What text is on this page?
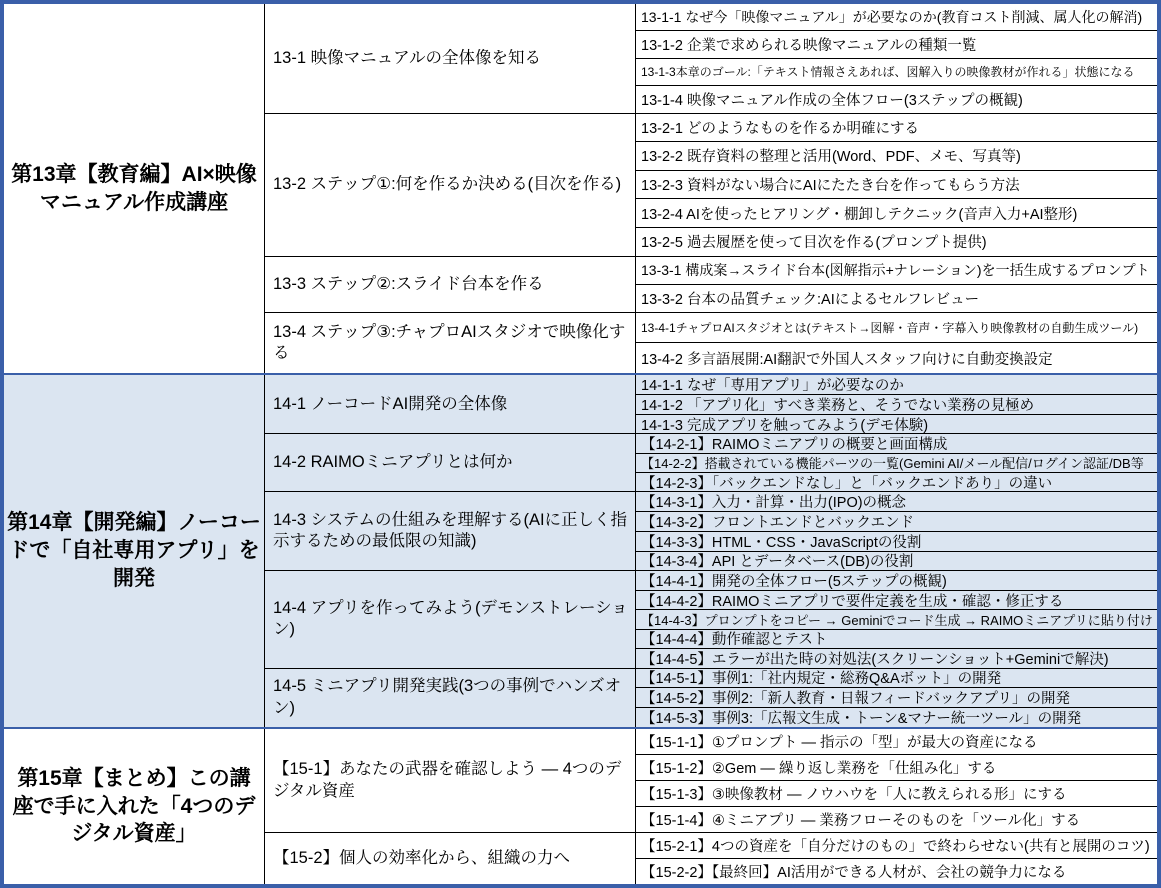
第13章【教育編】AI×映像マニュアル作成講座
13-1 映像マニュアルの全体像を知る
13-1-1 なぜ今「映像マニュアル」が必要なのか(教育コスト削減、属人化の解消)
13-1-2 企業で求められる映像マニュアルの種類一覧
13-1-3本章のゴール:「テキスト情報さえあれば、図解入りの映像教材が作れる」状態になる
13-1-4 映像マニュアル作成の全体フロー(3ステップの概観)
13-2 ステップ①:何を作るか決める(目次を作る)
13-2-1 どのようなものを作るか明確にする
13-2-2 既存資料の整理と活用(Word、PDF、メモ、写真等)
13-2-3 資料がない場合にAIにたたき台を作ってもらう方法
13-2-4 AIを使ったヒアリング・棚卸しテクニック(音声入力+AI整形)
13-2-5 過去履歴を使って目次を作る(プロンプト提供)
13-3 ステップ②:スライド台本を作る
13-3-1 構成案→スライド台本(図解指示+ナレーション)を一括生成するプロンプト
13-3-2 台本の品質チェック:AIによるセルフレビュー
13-4 ステップ③:チャプロAIスタジオで映像化する
13-4-1チャプロAIスタジオとは(テキスト→図解・音声・字幕入り映像教材の自動生成ツール)
13-4-2 多言語展開:AI翻訳で外国人スタッフ向けに自動変換設定
第14章【開発編】ノーコードで「自社専用アプリ」を開発
14-1 ノーコードAI開発の全体像
14-1-1 なぜ「専用アプリ」が必要なのか
14-1-2 「アプリ化」すべき業務と、そうでない業務の見極め
14-1-3 完成アプリを触ってみよう(デモ体験)
14-2 RAIMOミニアプリとは何か
【14-2-1】RAIMOミニアプリの概要と画面構成
【14-2-2】搭載されている機能パーツの一覧(Gemini AI/メール配信/ログイン認証/DB等
【14-2-3】「バックエンドなし」と「バックエンドあり」の違い
14-3 システムの仕組みを理解する(AIに正しく指示するための最低限の知識)
【14-3-1】入力・計算・出力(IPO)の概念
【14-3-2】フロントエンドとバックエンド
【14-3-3】HTML・CSS・JavaScriptの役割
【14-3-4】API とデータベース(DB)の役割
14-4 アプリを作ってみよう(デモンストレーション)
【14-4-1】開発の全体フロー(5ステップの概観)
【14-4-2】RAIMOミニアプリで要件定義を生成・確認・修正する
【14-4-3】プロンプトをコピー → Geminiでコード生成 → RAIMOミニアプリに貼り付け
【14-4-4】動作確認とテスト
【14-4-5】エラーが出た時の対処法(スクリーンショット+Geminiで解決)
14-5 ミニアプリ開発実践(3つの事例でハンズオン)
【14-5-1】事例1:「社内規定・総務Q&Aボット」の開発
【14-5-2】事例2:「新人教育・日報フィードバックアプリ」の開発
【14-5-3】事例3:「広報文生成・トーン&マナー統一ツール」の開発
第15章【まとめ】この講座で手に入れた「4つのデジタル資産」
【15-1】あなたの武器を確認しよう — 4つのデジタル資産
【15-1-1】①プロンプト — 指示の「型」が最大の資産になる
【15-1-2】②Gem — 繰り返し業務を「仕組み化」する
【15-1-3】③映像教材 — ノウハウを「人に教えられる形」にする
【15-1-4】④ミニアプリ — 業務フローそのものを「ツール化」する
【15-2】個人の効率化から、組織の力へ
【15-2-1】4つの資産を「自分だけのもの」で終わらせない(共有と展開のコツ)
【15-2-2】【最終回】AI活用ができる人材が、会社の競争力になる
